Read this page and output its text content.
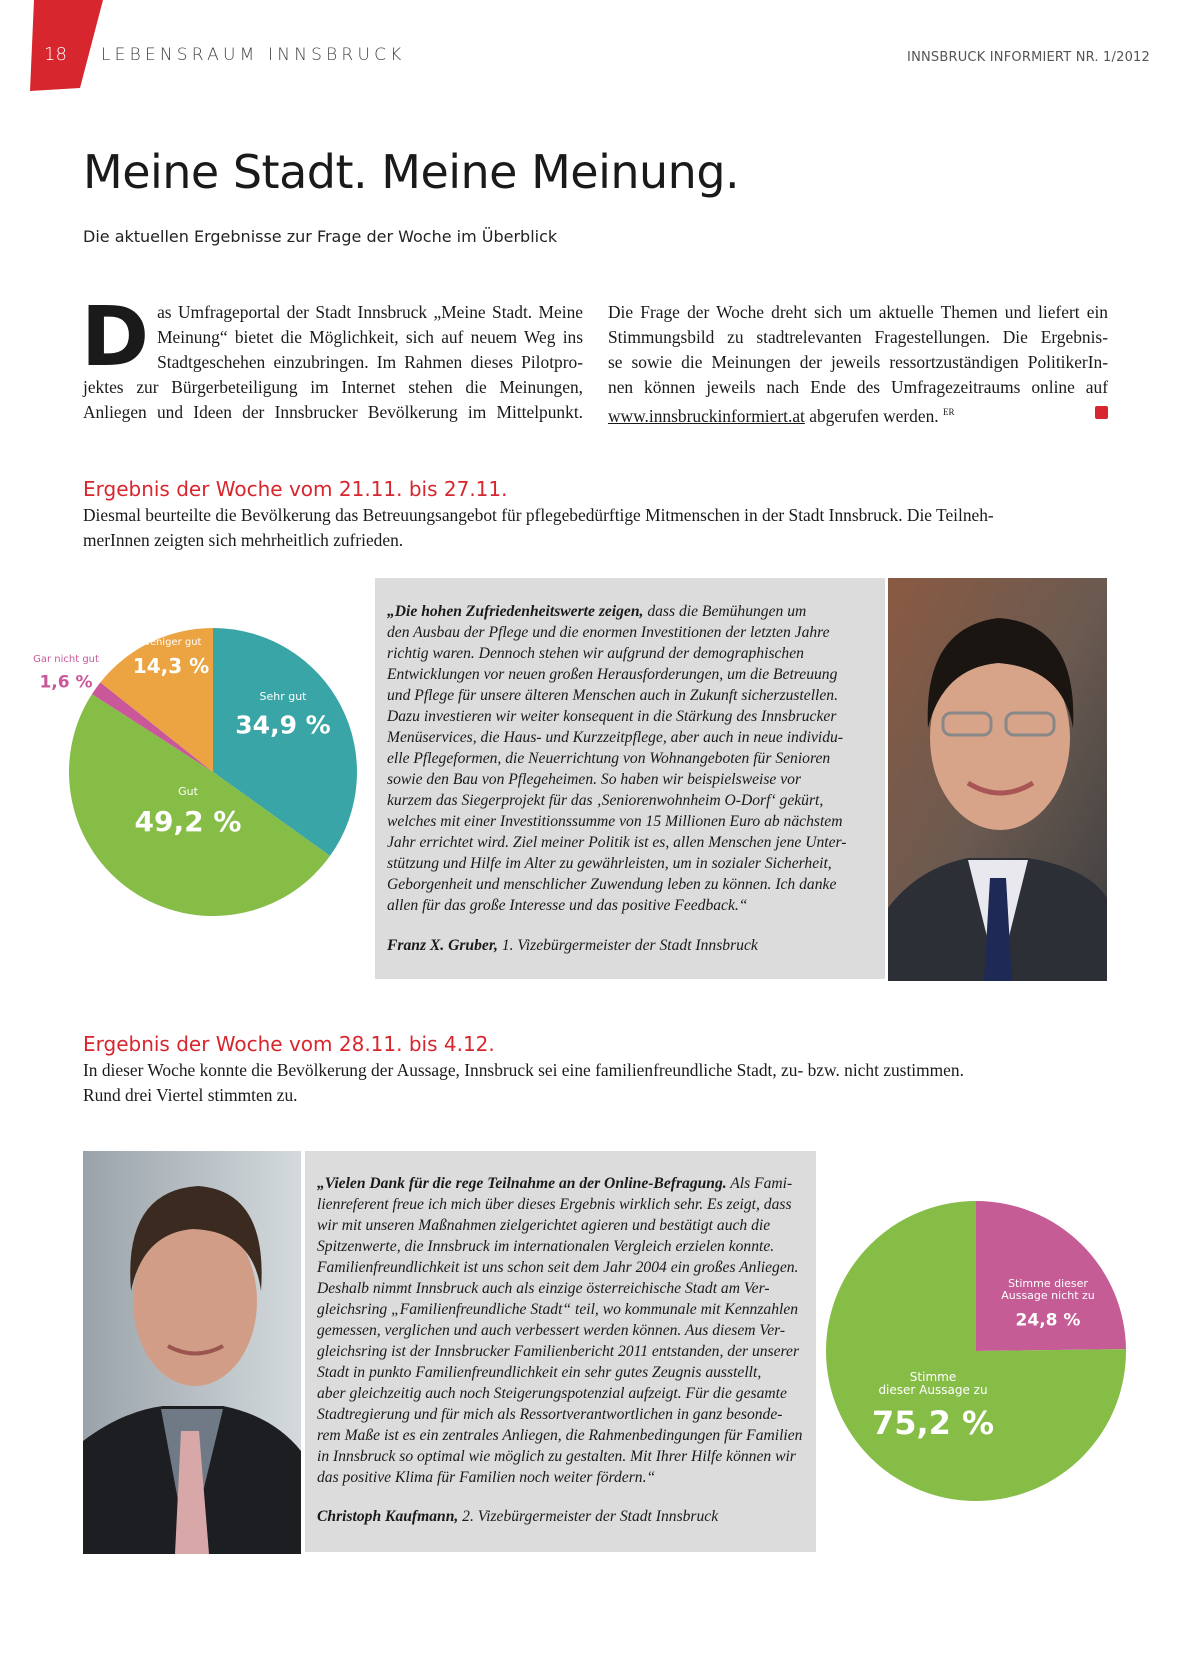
18 LEBENSRAUM INNSBRUCK	INNSBRUCK INFORMIERT NR. 1/2012
Meine Stadt. Meine Meinung.
Die aktuellen Ergebnisse zur Frage der Woche im Überblick
D as Umfrageportal der Stadt Innsbruck „Meine Stadt. Meine
Meinung“ bietet die Möglichkeit, sich auf neuem Weg ins
Stadtgeschehen einzubringen. Im Rahmen dieses Pilotpro-
jektes zur Bürgerbeteiligung im Internet stehen die Meinungen,
Anliegen und Ideen der Innsbrucker Bevölkerung im Mittelpunkt.
Die Frage der Woche dreht sich um aktuelle Themen und liefert ein
Stimmungsbild zu stadtrelevanten Fragestellungen. Die Ergebnis-
se sowie die Meinungen der jeweils ressortzuständigen PolitikerIn-
nen können jeweils nach Ende des Umfragezeitraums online auf
www.innsbruckinformiert.at abgerufen werden. $^{ER}$
Ergebnis der Woche vom 21.11. bis 27.11.
Diesmal beurteilte die Bevölkerung das Betreuungsangebot für pflegebedürftige Mitmenschen in der Stadt Innsbruck. Die Teilneh-
merInnen zeigten sich mehrheitlich zufrieden.
Sehr gut
34,9 %
Gut
49,2 %
Weniger gut
14,3 %
Gar nicht gut
1,6 %
„Die hohen Zufriedenheitswerte zeigen, dass die Bemühungen um
den Ausbau der Pflege und die enormen Investitionen der letzten Jahre
richtig waren. Dennoch stehen wir aufgrund der demographischen
Entwicklungen vor neuen großen Herausforderungen, um die Betreuung
und Pflege für unsere älteren Menschen auch in Zukunft sicherzustellen.
Dazu investieren wir weiter konsequent in die Stärkung des Innsbrucker
Menüservices, die Haus- und Kurzzeitpflege, aber auch in neue individu-
elle Pflegeformen, die Neuerrichtung von Wohnangeboten für Senioren
sowie den Bau von Pflegeheimen. So haben wir beispielsweise vor
kurzem das Siegerprojekt für das ‚Seniorenwohnheim O-Dorf‘ gekürt,
welches mit einer Investitionssumme von 15 Millionen Euro ab nächstem
Jahr errichtet wird. Ziel meiner Politik ist es, allen Menschen jene Unter-
stützung und Hilfe im Alter zu gewährleisten, um in sozialer Sicherheit,
Geborgenheit und menschlicher Zuwendung leben zu können. Ich danke
allen für das große Interesse und das positive Feedback.“
Franz X. Gruber, 1. Vizebürgermeister der Stadt Innsbruck
Ergebnis der Woche vom 28.11. bis 4.12.
In dieser Woche konnte die Bevölkerung der Aussage, Innsbruck sei eine familienfreundliche Stadt, zu- bzw. nicht zustimmen.
Rund drei Viertel stimmten zu.
„Vielen Dank für die rege Teilnahme an der Online-Befragung. Als Fami-
lienreferent freue ich mich über dieses Ergebnis wirklich sehr. Es zeigt, dass
wir mit unseren Maßnahmen zielgerichtet agieren und bestätigt auch die
Spitzenwerte, die Innsbruck im internationalen Vergleich erzielen konnte.
Familienfreundlichkeit ist uns schon seit dem Jahr 2004 ein großes Anliegen.
Deshalb nimmt Innsbruck auch als einzige österreichische Stadt am Ver-
gleichsring „Familienfreundliche Stadt“ teil, wo kommunale mit Kennzahlen
gemessen, verglichen und auch verbessert werden können. Aus diesem Ver-
gleichsring ist der Innsbrucker Familienbericht 2011 entstanden, der unserer
Stadt in punkto Familienfreundlichkeit ein sehr gutes Zeugnis ausstellt,
aber gleichzeitig auch noch Steigerungspotenzial aufzeigt. Für die gesamte
Stadtregierung und für mich als Ressortverantwortlichen in ganz besonde-
rem Maße ist es ein zentrales Anliegen, die Rahmenbedingungen für Familien
in Innsbruck so optimal wie möglich zu gestalten. Mit Ihrer Hilfe können wir
das positive Klima für Familien noch weiter fördern.“
Christoph Kaufmann, 2. Vizebürgermeister der Stadt Innsbruck
Stimme dieser
Aussage nicht zu
24,8 %
Stimme
dieser Aussage zu
75,2 %
